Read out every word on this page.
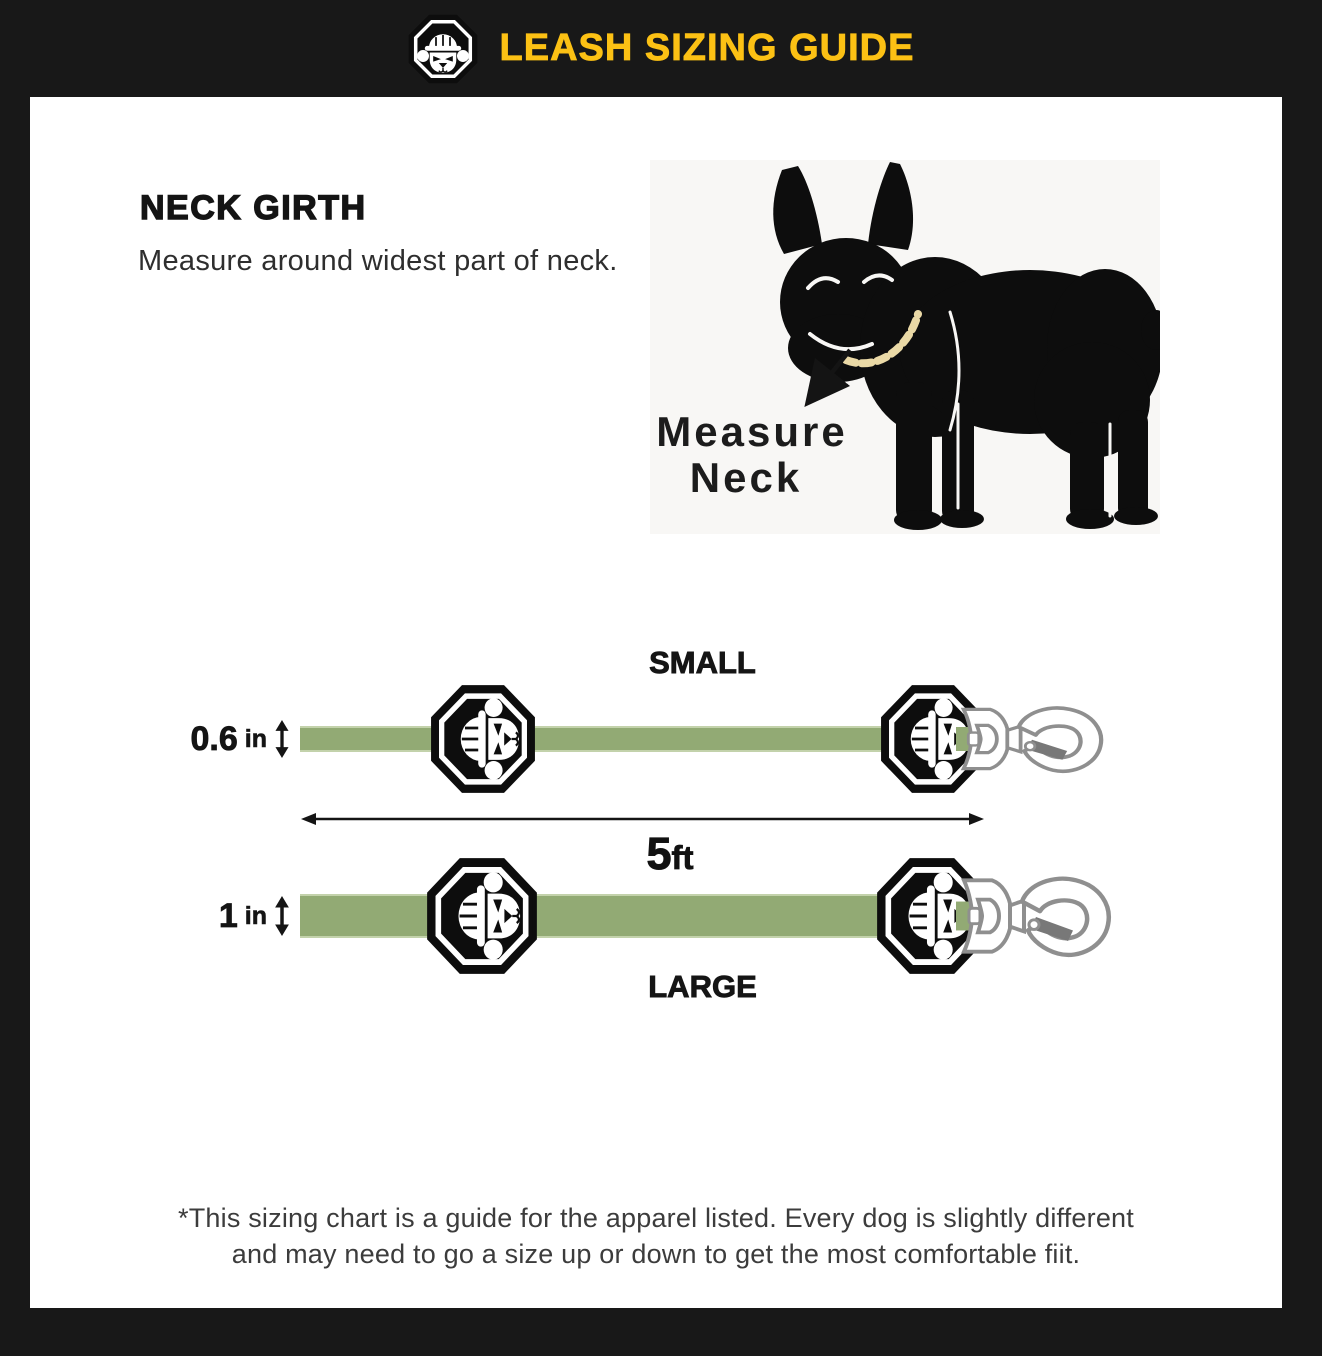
LEASH SIZING GUIDE
NECK GIRTH
Measure around widest part of neck.
Measure
Neck
SMALL
0.6 in
5ft
1 in
LARGE
*This sizing chart is a guide for the apparel listed. Every dog is slightly different
and may need to go a size up or down to get the most comfortable fiit.
